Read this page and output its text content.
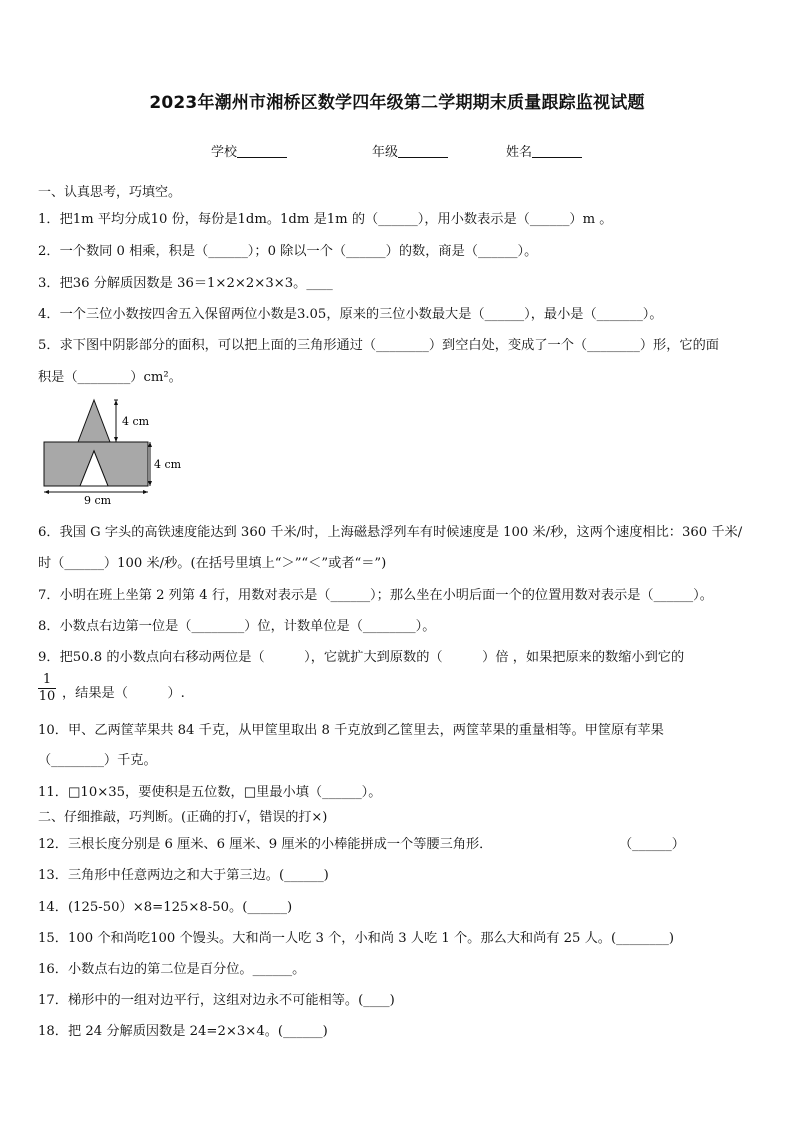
2023年潮州市湘桥区数学四年级第二学期期末质量跟踪监视试题
学校	年级	姓名
一、认真思考，巧填空。
1．把1m 平均分成10 份，每份是1dm。1dm 是1m 的（______），用小数表示是（______）m 。
2．一个数同 0 相乘，积是（______）；0 除以一个（______）的数，商是（______）。
3．把36 分解质因数是 36＝1×2×2×3×3。____
4．一个三位小数按四舍五入保留两位小数是3.05，原来的三位小数最大是（______），最小是（_______）。
5．求下图中阴影部分的面积，可以把上面的三角形通过（________）到空白处，变成了一个（________）形，它的面
积是（________）cm²。
4 cm
4 cm
9 cm
6．我国 G 字头的高铁速度能达到 360 千米/时，上海磁悬浮列车有时候速度是 100 米/秒，这两个速度相比：360 千米/
时（______）100 米/秒。(在括号里填上“＞”“＜”或者“＝”)
7．小明在班上坐第 2 列第 4 行，用数对表示是（______）；那么坐在小明后面一个的位置用数对表示是（______）。
8．小数点右边第一位是（________）位，计数单位是（________）。
9．把50.8 的小数点向右移动两位是（　　　），它就扩大到原数的（　　　）倍 ，如果把原来的数缩小到它的
$\frac{1}{10}$ ，结果是（　　　）.
10．甲、乙两筐苹果共 84 千克，从甲筐里取出 8 千克放到乙筐里去，两筐苹果的重量相等。甲筐原有苹果
（________）千克。
11．□10×35，要使积是五位数，□里最小填（______）。
二、仔细推敲，巧判断。(正确的打√，错误的打×)
12．三根长度分别是 6 厘米、6 厘米、9 厘米的小棒能拼成一个等腰三角形．	（______）
13．三角形中任意两边之和大于第三边。(______)
14．(125-50）×8=125×8-50。(______)
15．100 个和尚吃100 个馒头。大和尚一人吃 3 个，小和尚 3 人吃 1 个。那么大和尚有 25 人。(________)
16．小数点右边的第二位是百分位。______。
17．梯形中的一组对边平行，这组对边永不可能相等。(____)
18．把 24 分解质因数是 24=2×3×4。(______)
